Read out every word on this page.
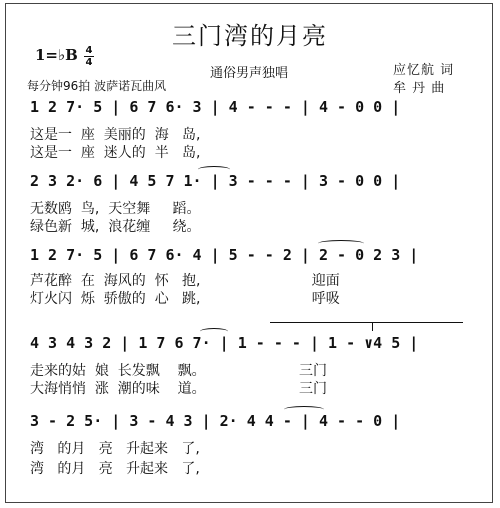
三门湾的月亮
通俗男声独唱	应忆航 词
牟 丹 曲
1=♭B 4
4
每分钟96拍 波萨诺瓦曲风
1 2 7· 5 | 6 7 6· 3 | 4 - - - | 4 - 0 0 |
这是一  座  美丽的  海   岛,
这是一  座  迷人的  半   岛,
2 3 2· 6 | 4 5 7 1· | 3 - - - | 3 - 0 0 |
无数鸥  鸟,  天空舞     蹈。
绿色新  城,  浪花缠     绕。
1 2 7· 5 | 6 7 6· 4 | 5 - - 2 | 2 - 0 2 3 |
芦花醉  在  海风的  怀   抱,                         迎面
灯火闪  烁  骄傲的  心   跳,                         呼吸
4 3 4 3 2 | 1 7 6 7· | 1 - - - | 1 - ∨4 5 |
走来的姑  娘  长发飘    飘。                     三门
大海悄悄  涨  潮的味    道。                     三门
3 - 2 5· | 3 - 4 3 | 2· 4 4 - | 4 - - 0 |
湾   的月   亮   升起来   了,
湾   的月   亮   升起来   了,
